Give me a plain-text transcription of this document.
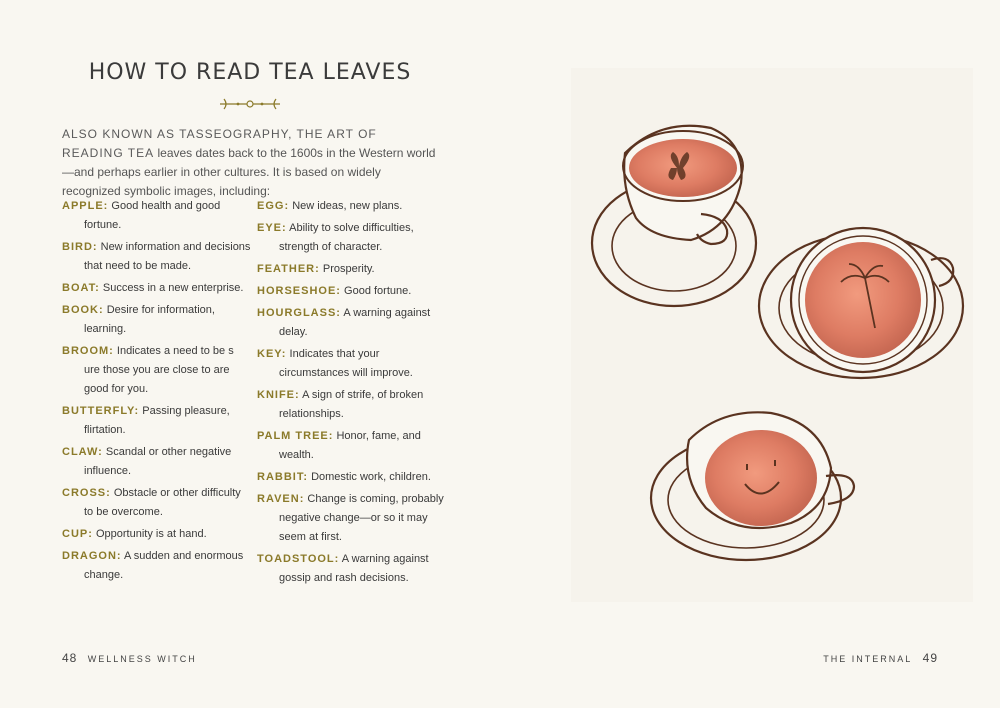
HOW TO READ TEA LEAVES
ALSO KNOWN AS TASSEOGRAPHY, THE ART OF READING TEA leaves dates back to the 1600s in the Western world—and perhaps earlier in other cultures. It is based on widely recognized symbolic images, including:
APPLE: Good health and good fortune.
BIRD: New information and decisions that need to be made.
BOAT: Success in a new enterprise.
BOOK: Desire for information, learning.
BROOM: Indicates a need to be s ure those you are close to are good for you.
BUTTERFLY: Passing pleasure, flirtation.
CLAW: Scandal or other negative influence.
CROSS: Obstacle or other difficulty to be overcome.
CUP: Opportunity is at hand.
DRAGON: A sudden and enormous change.
EGG: New ideas, new plans.
EYE: Ability to solve difficulties, strength of character.
FEATHER: Prosperity.
HORSESHOE: Good fortune.
HOURGLASS: A warning against delay.
KEY: Indicates that your circumstances will improve.
KNIFE: A sign of strife, of broken relationships.
PALM TREE: Honor, fame, and wealth.
RABBIT: Domestic work, children.
RAVEN: Change is coming, probably negative change—or so it may seem at first.
TOADSTOOL: A warning against gossip and rash decisions.
48 WELLNESS WITCH	THE INTERNAL 49
